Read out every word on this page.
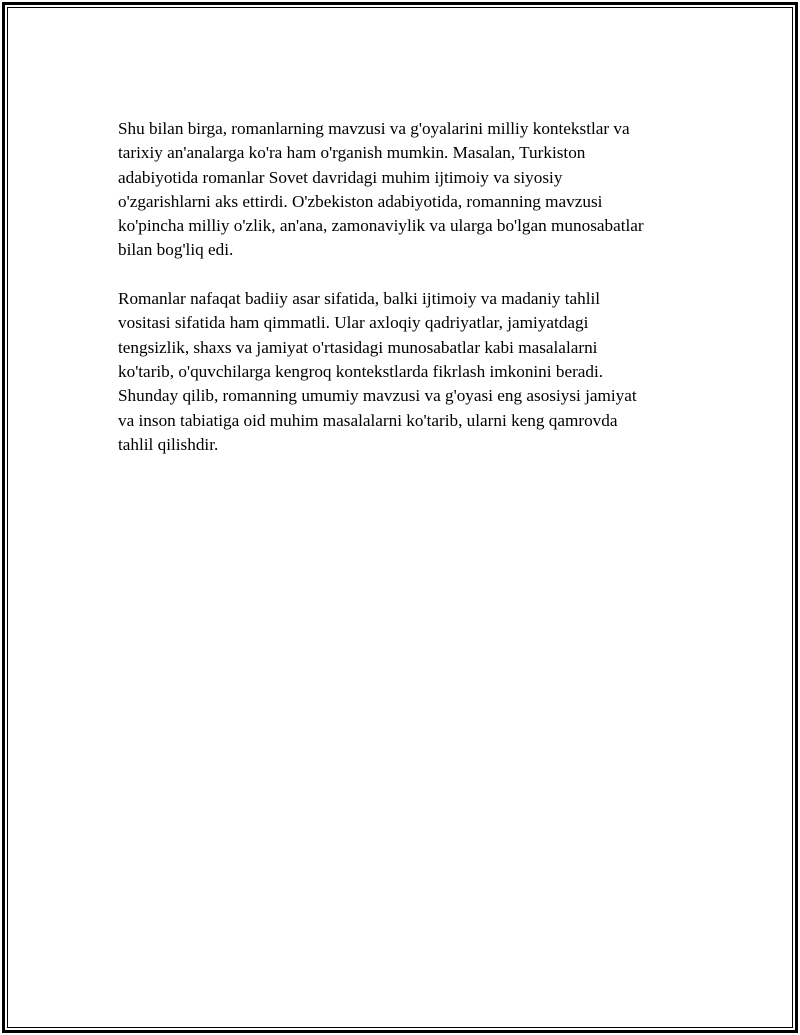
Shu bilan birga, romanlarning mavzusi va g'oyalarini milliy kontekstlar va
tarixiy an'analarga ko'ra ham o'rganish mumkin. Masalan, Turkiston
adabiyotida romanlar Sovet davridagi muhim ijtimoiy va siyosiy
o'zgarishlarni aks ettirdi. O'zbekiston adabiyotida, romanning mavzusi
ko'pincha milliy o'zlik, an'ana, zamonaviylik va ularga bo'lgan munosabatlar
bilan bog'liq edi.
Romanlar nafaqat badiiy asar sifatida, balki ijtimoiy va madaniy tahlil
vositasi sifatida ham qimmatli. Ular axloqiy qadriyatlar, jamiyatdagi
tengsizlik, shaxs va jamiyat o'rtasidagi munosabatlar kabi masalalarni
ko'tarib, o'quvchilarga kengroq kontekstlarda fikrlash imkonini beradi.
Shunday qilib, romanning umumiy mavzusi va g'oyasi eng asosiysi jamiyat
va inson tabiatiga oid muhim masalalarni ko'tarib, ularni keng qamrovda
tahlil qilishdir.
